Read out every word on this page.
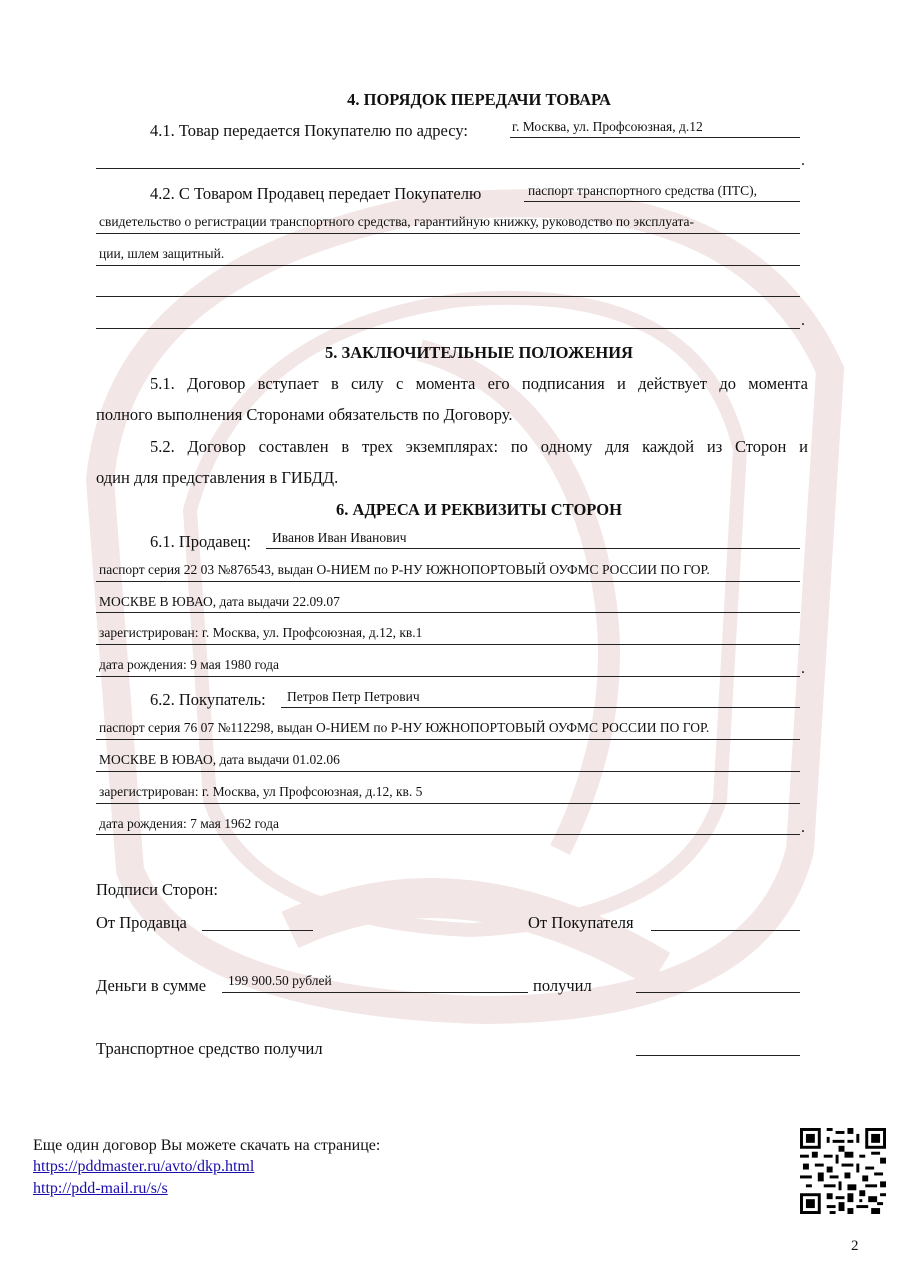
4. ПОРЯДОК ПЕРЕДАЧИ ТОВАРА
4.1. Товар передается Покупателю по адресу:	г. Москва, ул. Профсоюзная, д.12
.
4.2. С Товаром Продавец передает Покупателю	паспорт транспортного средства (ПТС),
свидетельство о регистрации транспортного средства, гарантийную книжку, руководство по эксплуата-
ции, шлем защитный.
.
5. ЗАКЛЮЧИТЕЛЬНЫЕ ПОЛОЖЕНИЯ
5.1. Договор вступает в силу с момента его подписания и действует до момента
полного выполнения Сторонами обязательств по Договору.
5.2. Договор составлен в трех экземплярах: по одному для каждой из Сторон и
один для представления в ГИБДД.
6. АДРЕСА И РЕКВИЗИТЫ СТОРОН
6.1. Продавец: Иванов Иван Иванович
паспорт серия 22 03 №876543, выдан О-НИЕМ по Р-НУ ЮЖНОПОРТОВЫЙ ОУФМС РОССИИ ПО ГОР.
МОСКВЕ В ЮВАО, дата выдачи 22.09.07
зарегистрирован: г. Москва, ул. Профсоюзная, д.12, кв.1
дата рождения: 9 мая 1980 года	.
6.2. Покупатель: Петров Петр Петрович
паспорт серия 76 07 №112298, выдан О-НИЕМ по Р-НУ ЮЖНОПОРТОВЫЙ ОУФМС РОССИИ ПО ГОР.
МОСКВЕ В ЮВАО, дата выдачи 01.02.06
зарегистрирован: г. Москва, ул Профсоюзная, д.12, кв. 5
дата рождения: 7 мая 1962 года	.
Подписи Сторон:
От Продавца	От Покупателя
Деньги в сумме 199 900.50 рублей	получил
Транспортное средство получил
Еще один договор Вы можете скачать на странице:
https://pddmaster.ru/avto/dkp.html
http://pdd-mail.ru/s/s
2
